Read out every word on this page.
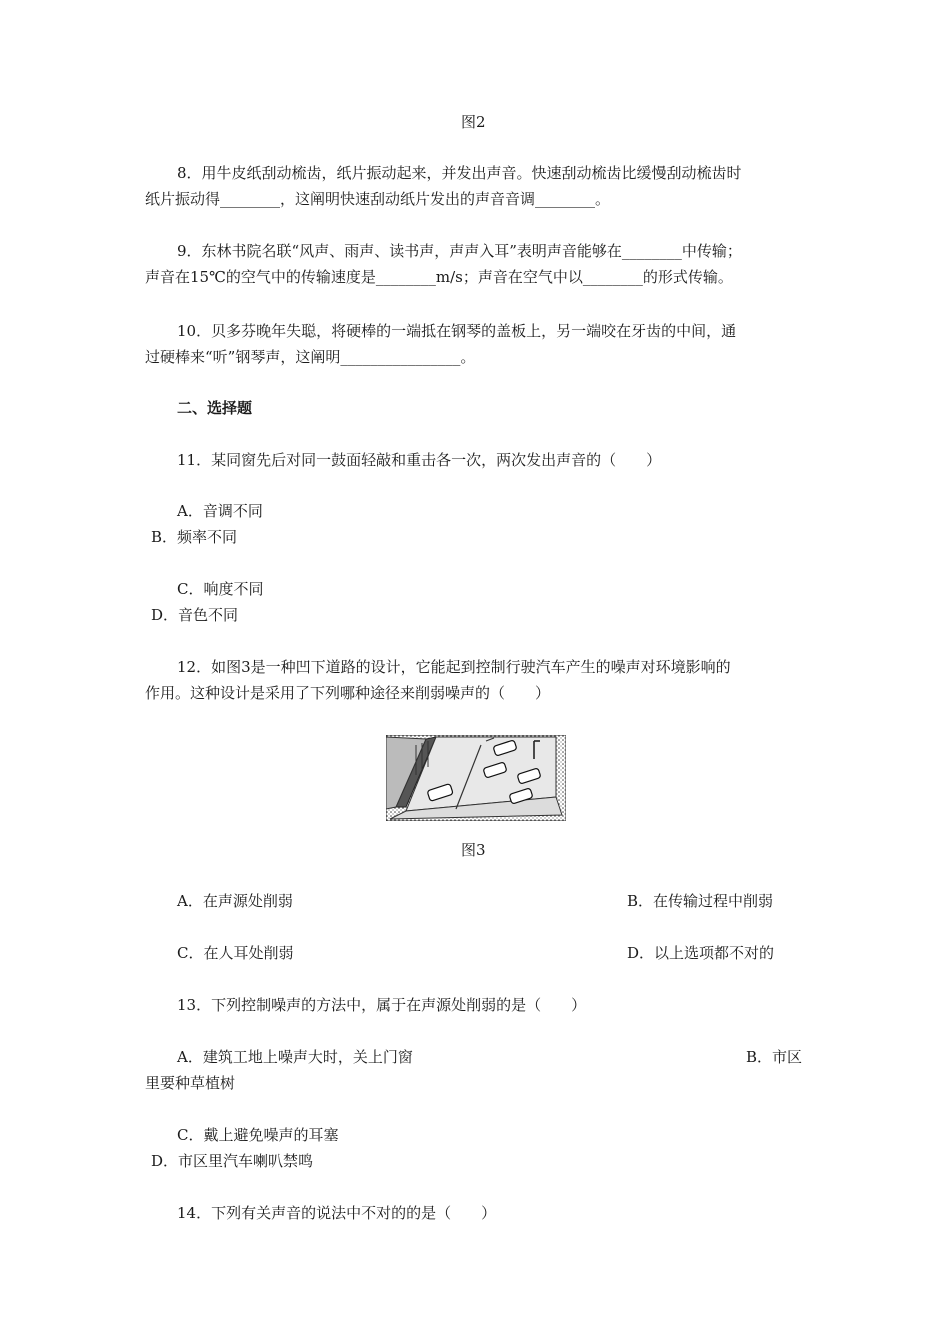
图2
8．用牛皮纸刮动梳齿，纸片振动起来，并发出声音。快速刮动梳齿比缓慢刮动梳齿时
纸片振动得________，这阐明快速刮动纸片发出的声音音调________。
9．东林书院名联“风声、雨声、读书声，声声入耳”表明声音能够在________中传输；
声音在15℃的空气中的传输速度是________m/s；声音在空气中以________的形式传输。
10．贝多芬晚年失聪，将硬棒的一端抵在钢琴的盖板上，另一端咬在牙齿的中间，通
过硬棒来“听”钢琴声，这阐明________________。
二、选择题
11．某同窗先后对同一鼓面轻敲和重击各一次，两次发出声音的（　　）
A．音调不同
B．频率不同
C．响度不同
D．音色不同
12．如图3是一种凹下道路的设计，它能起到控制行驶汽车产生的噪声对环境影响的
作用。这种设计是采用了下列哪种途径来削弱噪声的（　　）
图3
A．在声源处削弱	B．在传输过程中削弱
C．在人耳处削弱	D．以上选项都不对的
13．下列控制噪声的方法中，属于在声源处削弱的是（　　）
A．建筑工地上噪声大时，关上门窗	B．市区
里要种草植树
C．戴上避免噪声的耳塞
D．市区里汽车喇叭禁鸣
14．下列有关声音的说法中不对的的是（　　）
